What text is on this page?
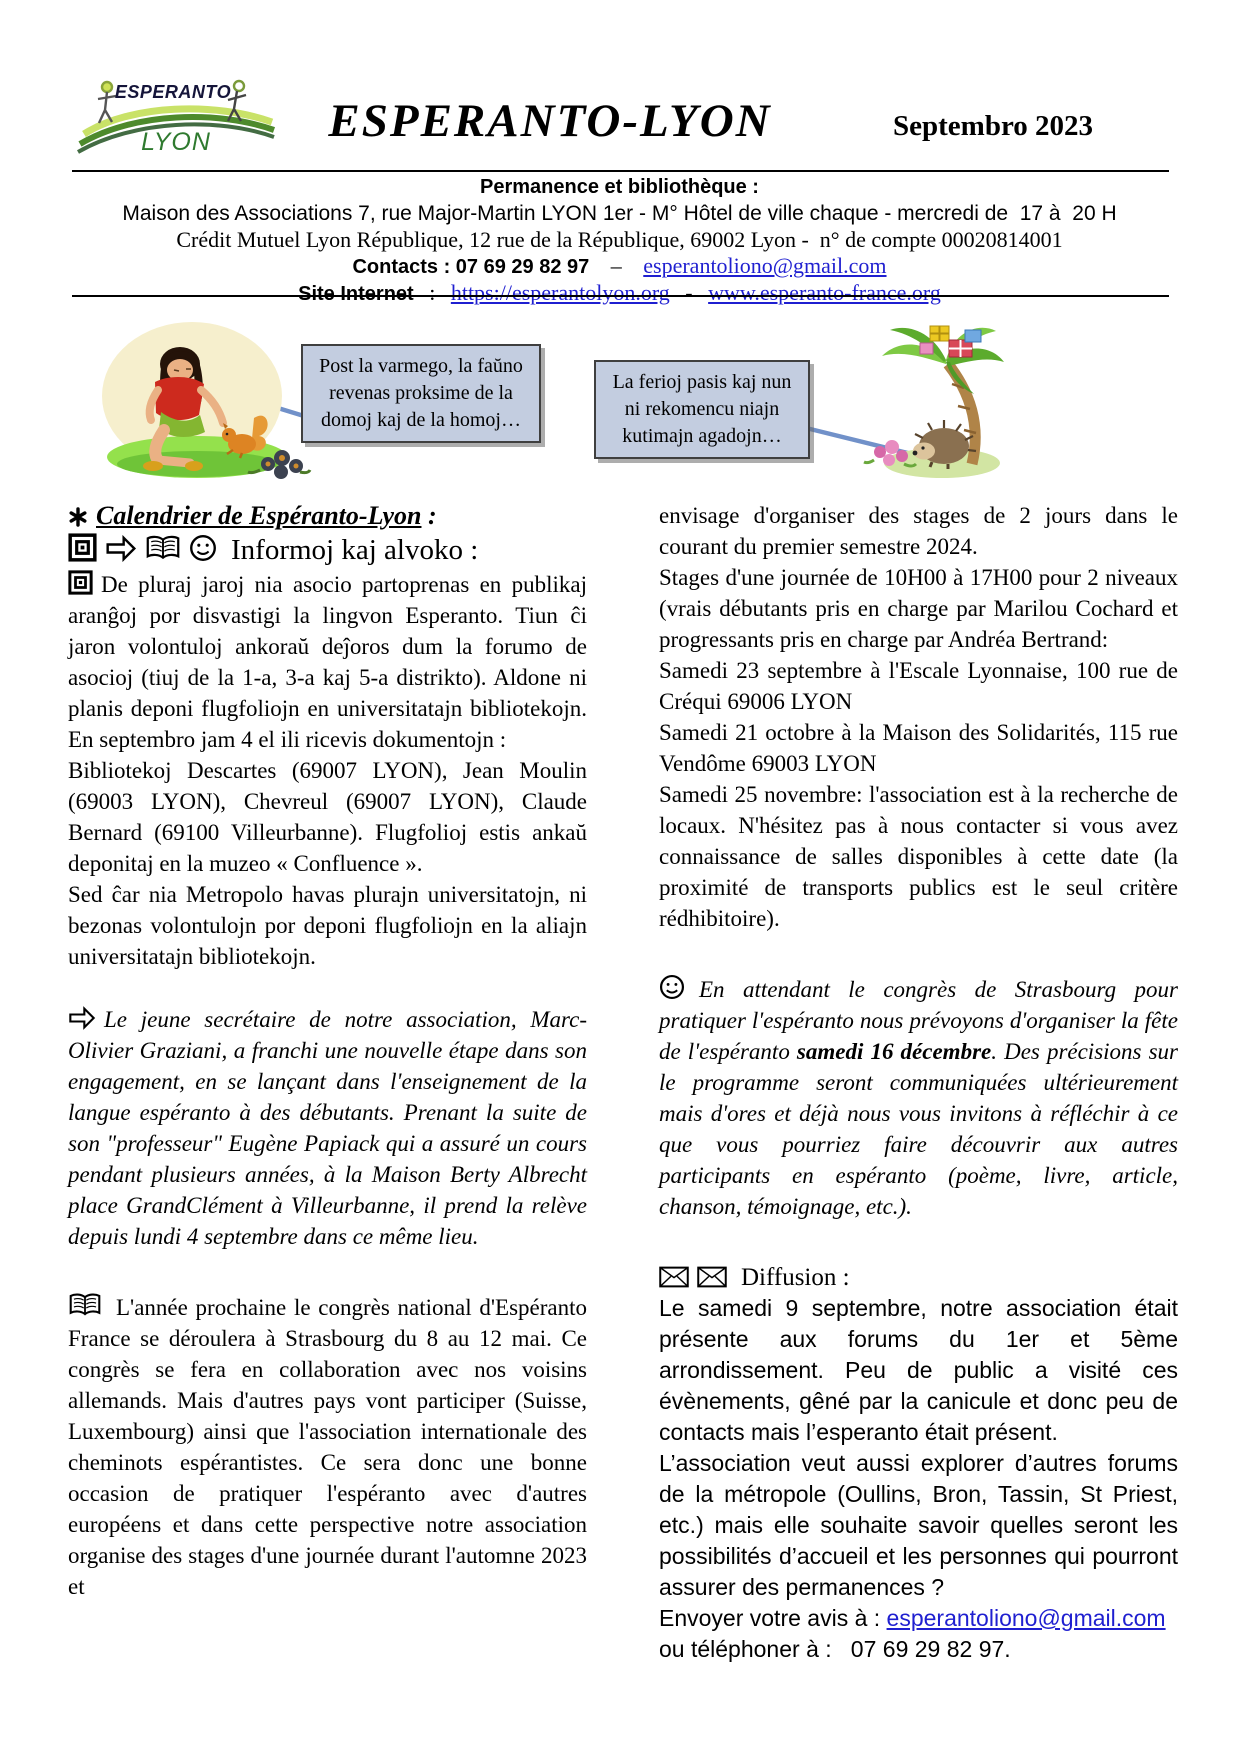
ESPERANTO
LYON	ESPERANTO-LYON	Septembro 2023
Permanence et bibliothèque :
Maison des Associations 7, rue Major-Martin LYON 1er - M° Hôtel de ville chaque - mercredi de  17 à  20 H
Crédit Mutuel Lyon République, 12 rue de la République, 69002 Lyon -  n° de compte 00020814001
Contacts : 07 69 29 82 97 – esperantoliono@gmail.com
Site Internet : https://esperantolyon.org - www.esperanto-france.org
Post la varmego, la faŭno revenas proksime de la domoj kaj de la homoj…
La ferioj pasis kaj nun ni rekomencu niajn kutimajn agadojn…

Calendrier de Espéranto-Lyon :

Informoj kaj alvoko :

De pluraj jaroj nia asocio partoprenas en publikaj aranĝoj por disvastigi la lingvon Esperanto. Tiun ĉi jaron volontuloj ankoraŭ deĵoros dum la forumo de asocioj (tiuj de la 1-a, 3-a kaj 5-a distrikto). Aldone ni planis deponi flugfoliojn en universitatajn bibliotekojn. En septembro jam 4 el ili ricevis dokumentojn :

Bibliotekoj Descartes (69007 LYON), Jean Moulin (69003 LYON), Chevreul (69007 LYON), Claude Bernard (69100 Villeurbanne). Flugfolioj estis ankaŭ deponitaj en la muzeo « Confluence ».

Sed ĉar nia Metropolo havas plurajn universitatojn, ni bezonas volontulojn por deponi flugfoliojn en la aliajn universitatajn bibliotekojn.

Le jeune secrétaire de notre association, Marc-Olivier Graziani, a franchi une nouvelle étape dans son engagement, en se lançant dans l'enseignement de la langue espéranto à des débutants. Prenant la suite de son "professeur" Eugène Papiack qui a assuré un cours pendant plusieurs années, à la Maison Berty Albrecht place GrandClément à Villeurbanne, il prend la relève depuis lundi 4 septembre dans ce même lieu.

L'année prochaine le congrès national d'Espéranto France se déroulera à Strasbourg du 8 au 12 mai. Ce congrès se fera en collaboration avec nos voisins allemands. Mais d'autres pays vont participer (Suisse, Luxembourg) ainsi que l'association internationale des cheminots espérantistes. Ce sera donc une bonne occasion de pratiquer l'espéranto avec d'autres européens et dans cette perspective notre association organise des stages d'une journée durant l'automne 2023 et

envisage d'organiser des stages de 2 jours dans le courant du premier semestre 2024.

Stages d'une journée de 10H00 à 17H00 pour 2 niveaux (vrais débutants pris en charge par Marilou Cochard et progressants pris en charge par Andréa Bertrand:

Samedi 23 septembre à l'Escale Lyonnaise, 100 rue de Créqui 69006 LYON

Samedi 21 octobre à la Maison des Solidarités, 115 rue Vendôme 69003 LYON

Samedi 25 novembre: l'association est à la recherche de locaux. N'hésitez pas à nous contacter si vous avez connaissance de salles disponibles à cette date (la proximité de transports publics est le seul critère rédhibitoire).

En attendant le congrès de Strasbourg pour pratiquer l'espéranto nous prévoyons d'organiser la fête de l'espéranto samedi 16 décembre. Des précisions sur le programme seront communiquées ultérieurement mais d'ores et déjà nous vous invitons à réfléchir à ce que vous pourriez faire découvrir aux autres participants en espéranto (poème, livre, article, chanson, témoignage, etc.).

Diffusion :

Le samedi 9 septembre, notre association était présente aux forums du 1er et 5ème arrondissement. Peu de public a visité ces évènements, gêné par la canicule et donc peu de contacts mais l’esperanto était présent.

L’association veut aussi explorer d’autres forums de la métropole (Oullins, Bron, Tassin, St Priest, etc.) mais elle souhaite savoir quelles seront les possibilités d’accueil et les personnes qui pourront assurer des permanences ?

Envoyer votre avis à : esperantoliono@gmail.com

ou téléphoner à :   07 69 29 82 97.
